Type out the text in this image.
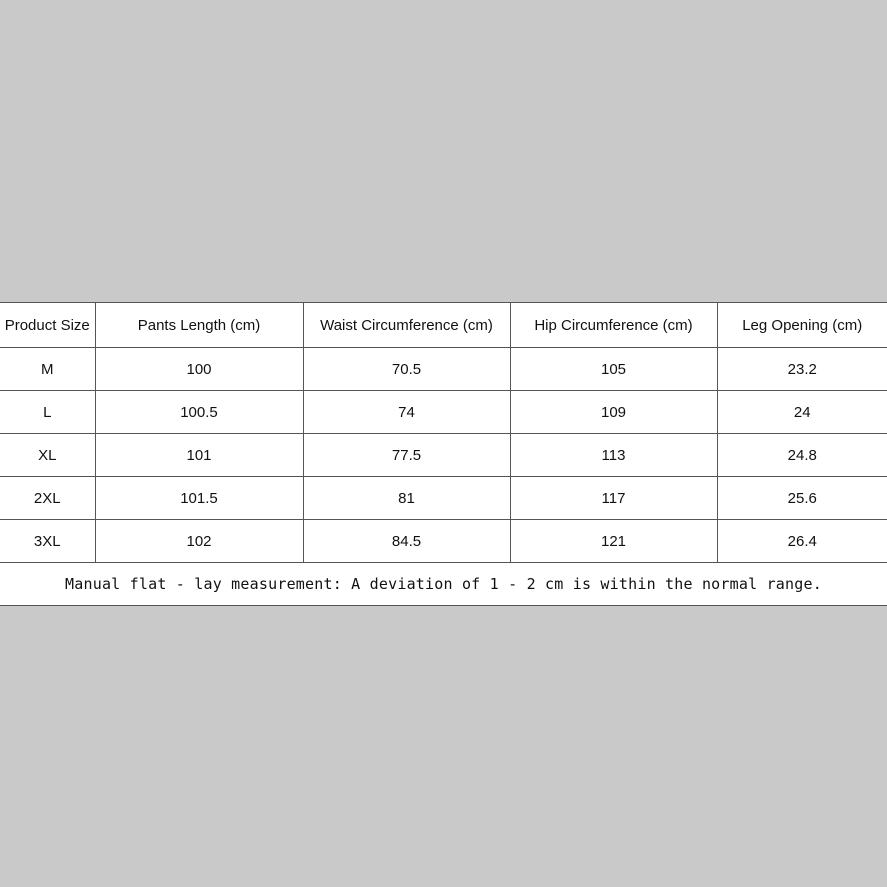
Product Size	Pants Length (cm)	Waist Circumference (cm)	Hip Circumference (cm)	Leg Opening (cm)
M	100	70.5	105	23.2
L	100.5	74	109	24
XL	101	77.5	113	24.8
2XL	101.5	81	117	25.6
3XL	102	84.5	121	26.4
Manual flat - lay measurement: A deviation of 1 - 2 cm is within the normal range.				
